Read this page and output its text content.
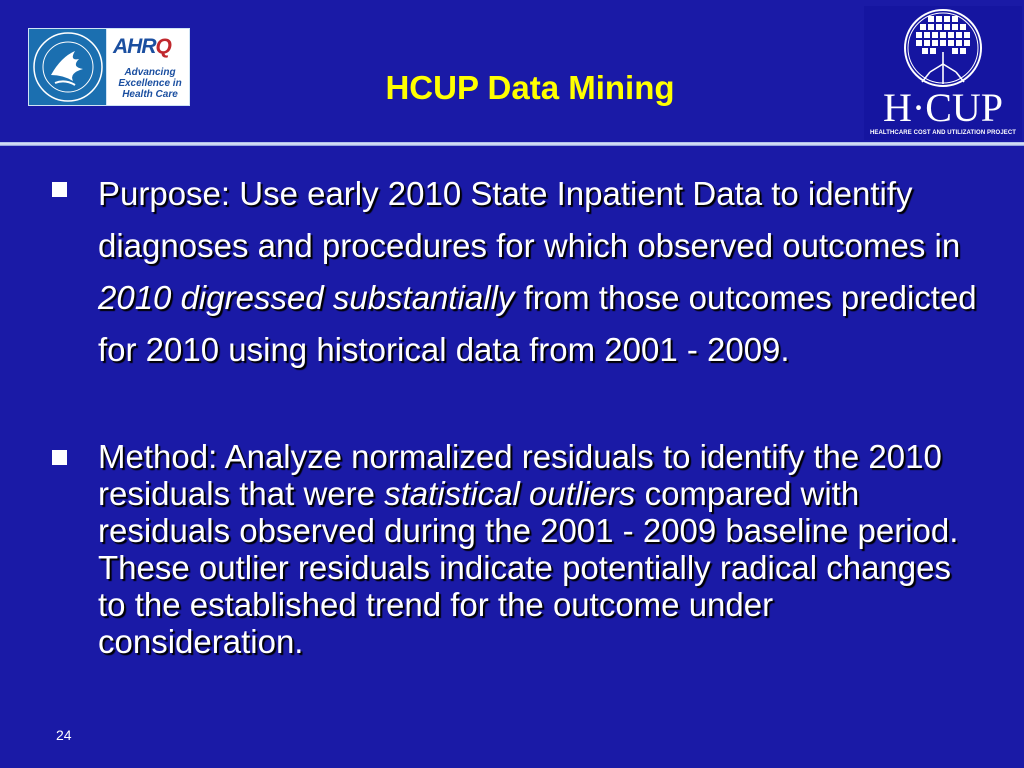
AHRQ
Advancing Excellence in Health Care	HCUP Data Mining	H·CUP
HEALTHCARE COST AND UTILIZATION PROJECT
Purpose: Use early 2010 State Inpatient Data to identify diagnoses and procedures for which observed outcomes in 2010 digressed substantially from those outcomes predicted for 2010 using historical data from 2001 - 2009.
Method: Analyze normalized residuals to identify the 2010 residuals that were statistical outliers compared with residuals observed during the 2001 - 2009 baseline period. These outlier residuals indicate potentially radical changes to the established trend for the outcome under consideration.
24
